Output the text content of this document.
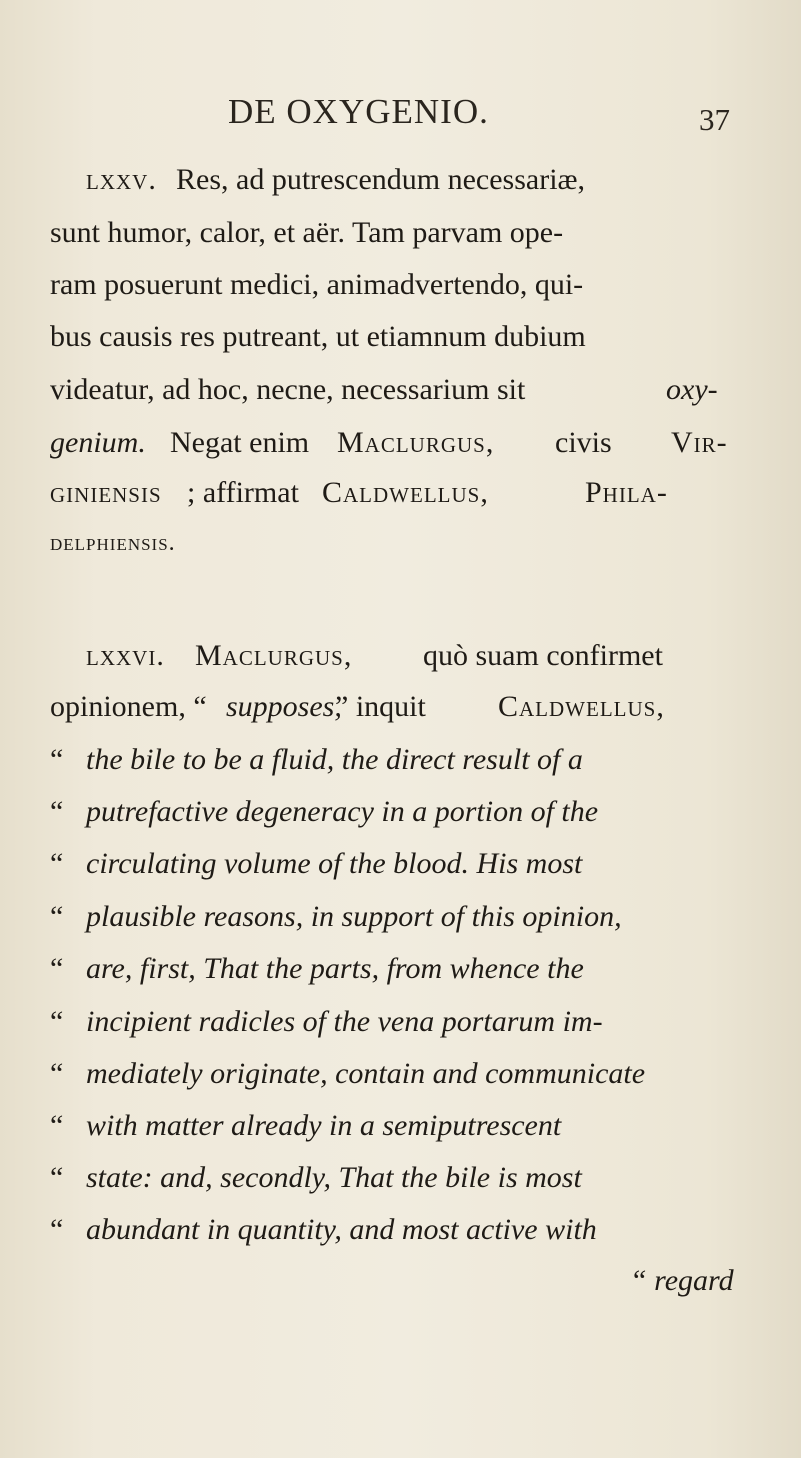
DE OXYGENIO.	37
lxxv. Res, ad putrescendum necessariæ,
sunt humor, calor, et aër. Tam parvam ope-
ram posuerunt medici, animadvertendo, qui-
bus causis res putreant, ut etiamnum dubium
videatur, ad hoc, necne, necessarium sit	oxy-
genium. Negat enim Maclurgus, civis Vir-
giniensis ; affirmat Caldwellus,	Phila-
delphiensis.
lxxvi. Maclurgus, quò suam confirmet
opinionem, “ supposes,
” inquit Caldwellus,
“ the bile to be a fluid, the direct result of a
“ putrefactive degeneracy in a portion of the
“ circulating volume of the blood. His most
“ plausible reasons, in support of this opinion,
“ are, first, That the parts, from whence the
“ incipient radicles of the vena portarum im-
“ mediately originate, contain and communicate
“ with matter already in a semiputrescent
“ state: and, secondly, That the bile is most
“ abundant in quantity, and most active with
“ regard
